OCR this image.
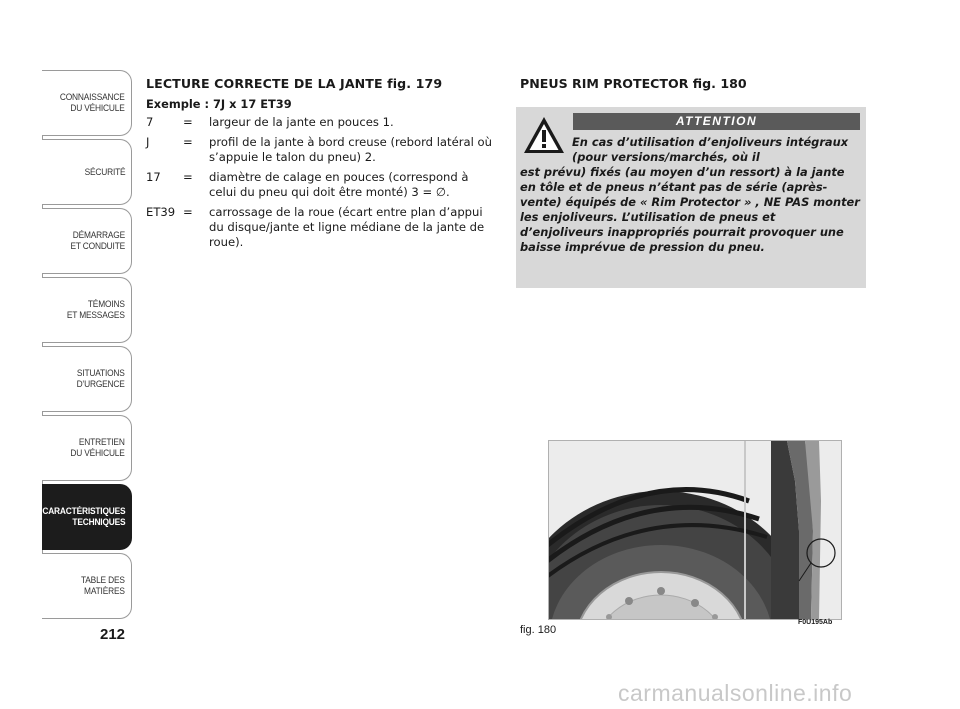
CONNAISSANCE
DU VÉHICULE
SÉCURITÉ
DÉMARRAGE
ET CONDUITE
TÉMOINS
ET MESSAGES
SITUATIONS
D’URGENCE
ENTRETIEN
DU VÉHICULE
CARACTÉRISTIQUES
TECHNIQUES
TABLE DES
MATIÈRES
212

LECTURE CORRECTE DE LA JANTE fig. 179

Exemple : 7J x 17 ET39

7	=	largeur de la jante en pouces 1.
J	=	profil de la jante à bord creuse (rebord latéral où s’appuie le talon du pneu) 2.
17	=	diamètre de calage en pouces (correspond à celui du pneu qui doit être monté) 3 = ∅.
ET39 =	carrossage de la roue (écart entre plan d’appui du disque/jante et ligne médiane de la jante de roue).

PNEUS RIM PROTECTOR fig. 180

ATTENTION
En cas d’utilisation d’enjoliveurs intégraux (pour versions/marchés, où il
est prévu) fixés (au moyen d’un ressort) à la jante en tôle et de pneus n’étant pas de série (après-vente) équipés de « Rim Protector » , NE PAS monter les enjoliveurs. L’utilisation de pneus et d’enjoliveurs inappropriés pourrait provoquer une baisse imprévue de pression du pneu.
fig. 180
F0U195Ab
carmanualsonline.info
